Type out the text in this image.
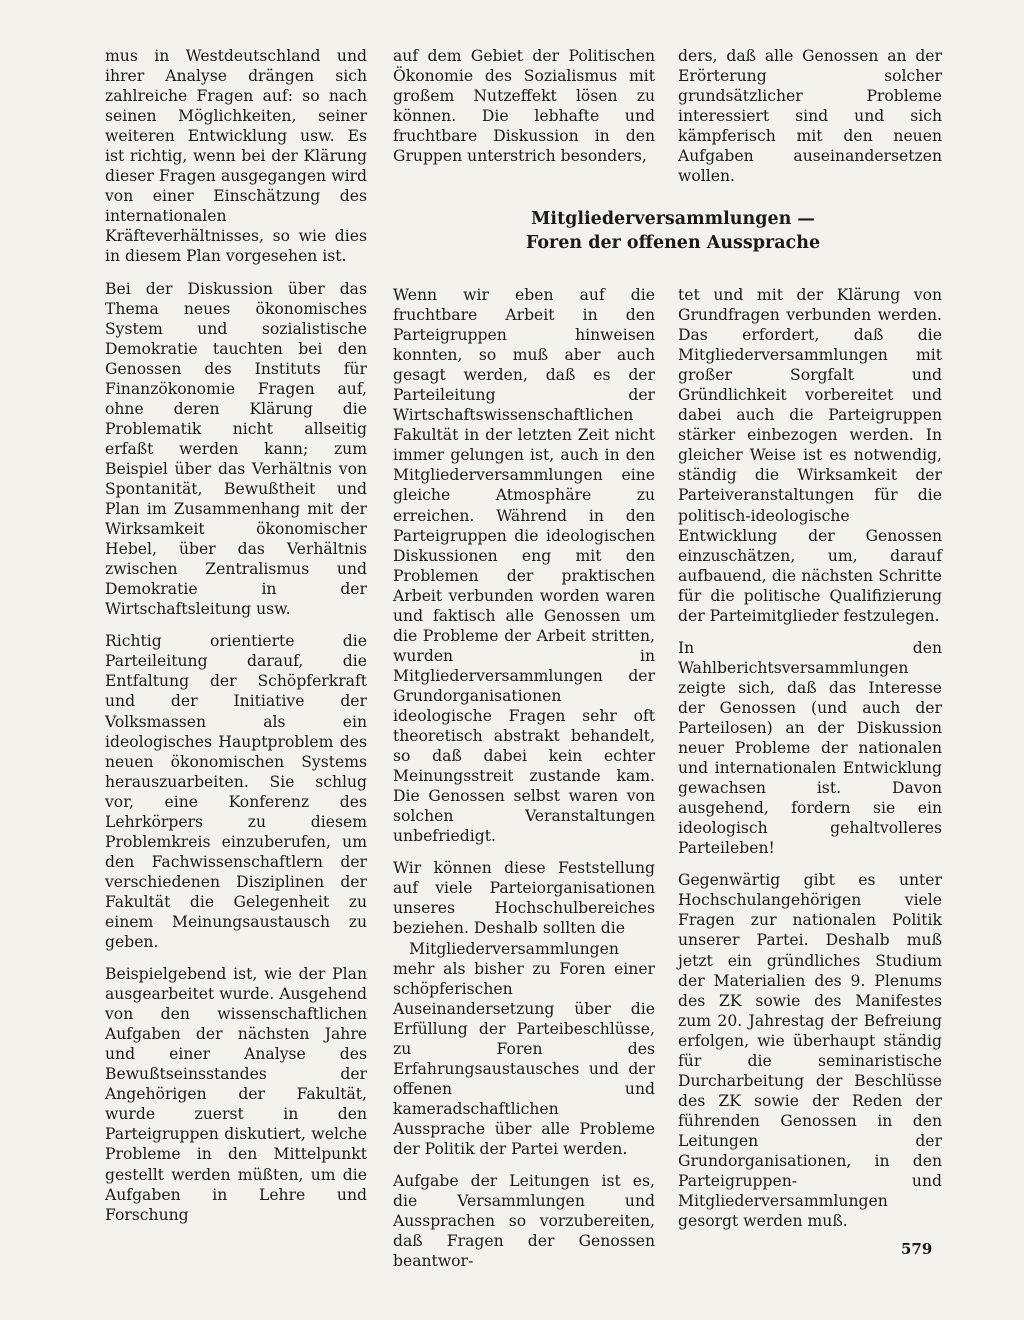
mus in Westdeutschland und ihrer Analyse drängen sich zahlreiche Fragen auf: so nach seinen Möglichkeiten, seiner weiteren Entwicklung usw. Es ist richtig, wenn bei der Klärung dieser Fragen ausgegangen wird von einer Einschätzung des internationalen Kräfteverhältnisses, so wie dies in diesem Plan vorgesehen ist.

Bei der Diskussion über das Thema neues ökonomisches System und sozialistische Demokratie tauchten bei den Genossen des Instituts für Finanzökonomie Fragen auf, ohne deren Klärung die Problematik nicht allseitig erfaßt werden kann; zum Beispiel über das Verhältnis von Spontanität, Bewußtheit und Plan im Zusammenhang mit der Wirksamkeit ökonomischer Hebel, über das Verhältnis zwischen Zentralismus und Demokratie in der Wirtschaftsleitung usw.

Richtig orientierte die Parteileitung darauf, die Entfaltung der Schöpferkraft und der Initiative der Volksmassen als ein ideologisches Hauptproblem des neuen ökonomischen Systems herauszuarbeiten. Sie schlug vor, eine Konferenz des Lehrkörpers zu diesem Problemkreis einzuberufen, um den Fachwissenschaftlern der verschiedenen Disziplinen der Fakultät die Gelegenheit zu einem Meinungsaustausch zu geben.

Beispielgebend ist, wie der Plan ausgearbeitet wurde. Ausgehend von den wissenschaftlichen Aufgaben der nächsten Jahre und einer Analyse des Bewußtseinsstandes der Angehörigen der Fakultät, wurde zuerst in den Parteigruppen diskutiert, welche Probleme in den Mittelpunkt gestellt werden müßten, um die Aufgaben in Lehre und Forschung

auf dem Gebiet der Politischen Ökonomie des Sozialismus mit großem Nutzeffekt lösen zu können. Die lebhafte und fruchtbare Diskussion in den Gruppen unterstrich besonders,

ders, daß alle Genossen an der Erörterung solcher grundsätzlicher Probleme interessiert sind und sich kämpferisch mit den neuen Aufgaben auseinandersetzen wollen.

Mitgliederversammlungen —
Foren der offenen Aussprache

Wenn wir eben auf die fruchtbare Arbeit in den Parteigruppen hinweisen konnten, so muß aber auch gesagt werden, daß es der Parteileitung der Wirtschaftswissenschaftlichen Fakultät in der letzten Zeit nicht immer gelungen ist, auch in den Mitgliederversammlungen eine gleiche Atmosphäre zu erreichen. Während in den Parteigruppen die ideologischen Diskussionen eng mit den Problemen der praktischen Arbeit verbunden worden waren und faktisch alle Genossen um die Probleme der Arbeit stritten, wurden in Mitgliederversammlungen der Grundorganisationen ideologische Fragen sehr oft theoretisch abstrakt behandelt, so daß dabei kein echter Meinungsstreit zustande kam. Die Genossen selbst waren von solchen Veranstaltungen unbefriedigt.

Wir können diese Feststellung auf viele Parteiorganisationen unseres Hochschulbereiches beziehen. Deshalb sollten die

Mitgliederversammlungen

mehr als bisher zu Foren einer schöpferischen Auseinandersetzung über die Erfüllung der Parteibeschlüsse, zu Foren des Erfahrungsaustausches und der offenen und kameradschaftlichen Aussprache über alle Probleme der Politik der Partei werden.

Aufgabe der Leitungen ist es, die Versammlungen und Aussprachen so vorzubereiten, daß Fragen der Genossen beantwor-

tet und mit der Klärung von Grundfragen verbunden werden. Das erfordert, daß die Mitgliederversammlungen mit großer Sorgfalt und Gründlichkeit vorbereitet und dabei auch die Parteigruppen stärker einbezogen werden. In gleicher Weise ist es notwendig, ständig die Wirksamkeit der Parteiveranstaltungen für die politisch-ideologische Entwicklung der Genossen einzuschätzen, um, darauf aufbauend, die nächsten Schritte für die politische Qualifizierung der Parteimitglieder festzulegen.

In den Wahlberichtsversammlungen zeigte sich, daß das Interesse der Genossen (und auch der Parteilosen) an der Diskussion neuer Probleme der nationalen und internationalen Entwicklung gewachsen ist. Davon ausgehend, fordern sie ein ideologisch gehaltvolleres Parteileben!

Gegenwärtig gibt es unter Hochschulangehörigen viele Fragen zur nationalen Politik unserer Partei. Deshalb muß jetzt ein gründliches Studium der Materialien des 9. Plenums des ZK sowie des Manifestes zum 20. Jahrestag der Befreiung erfolgen, wie überhaupt ständig für die seminaristische Durcharbeitung der Beschlüsse des ZK sowie der Reden der führenden Genossen in den Leitungen der Grundorganisationen, in den Parteigruppen- und Mitgliederversammlungen gesorgt werden muß.

579
